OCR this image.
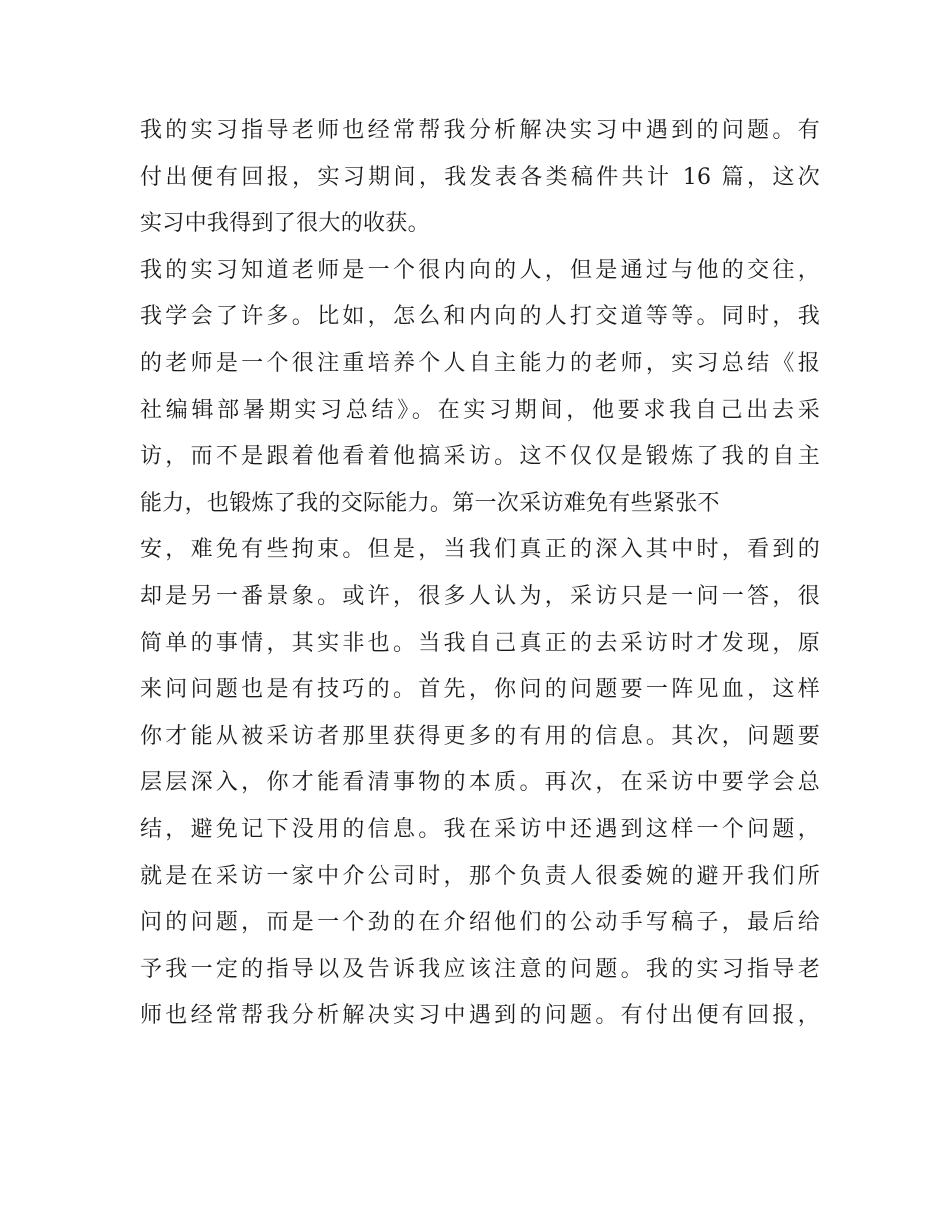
我的实习指导老师也经常帮我分析解决实习中遇到的问题。有
付出便有回报，实习期间，我发表各类稿件共计 16 篇，这次
实习中我得到了很大的收获。
我的实习知道老师是一个很内向的人，但是通过与他的交往，
我学会了许多。比如，怎么和内向的人打交道等等。同时，我
的老师是一个很注重培养个人自主能力的老师，实习总结《报
社编辑部暑期实习总结》。在实习期间，他要求我自己出去采
访，而不是跟着他看着他搞采访。这不仅仅是锻炼了我的自主
能力，也锻炼了我的交际能力。第一次采访难免有些紧张不
安，难免有些拘束。但是，当我们真正的深入其中时，看到的
却是另一番景象。或许，很多人认为，采访只是一问一答，很
简单的事情，其实非也。当我自己真正的去采访时才发现，原
来问问题也是有技巧的。首先，你问的问题要一阵见血，这样
你才能从被采访者那里获得更多的有用的信息。其次，问题要
层层深入，你才能看清事物的本质。再次，在采访中要学会总
结，避免记下没用的信息。我在采访中还遇到这样一个问题，
就是在采访一家中介公司时，那个负责人很委婉的避开我们所
问的问题，而是一个劲的在介绍他们的公动手写稿子，最后给
予我一定的指导以及告诉我应该注意的问题。我的实习指导老
师也经常帮我分析解决实习中遇到的问题。有付出便有回报，
